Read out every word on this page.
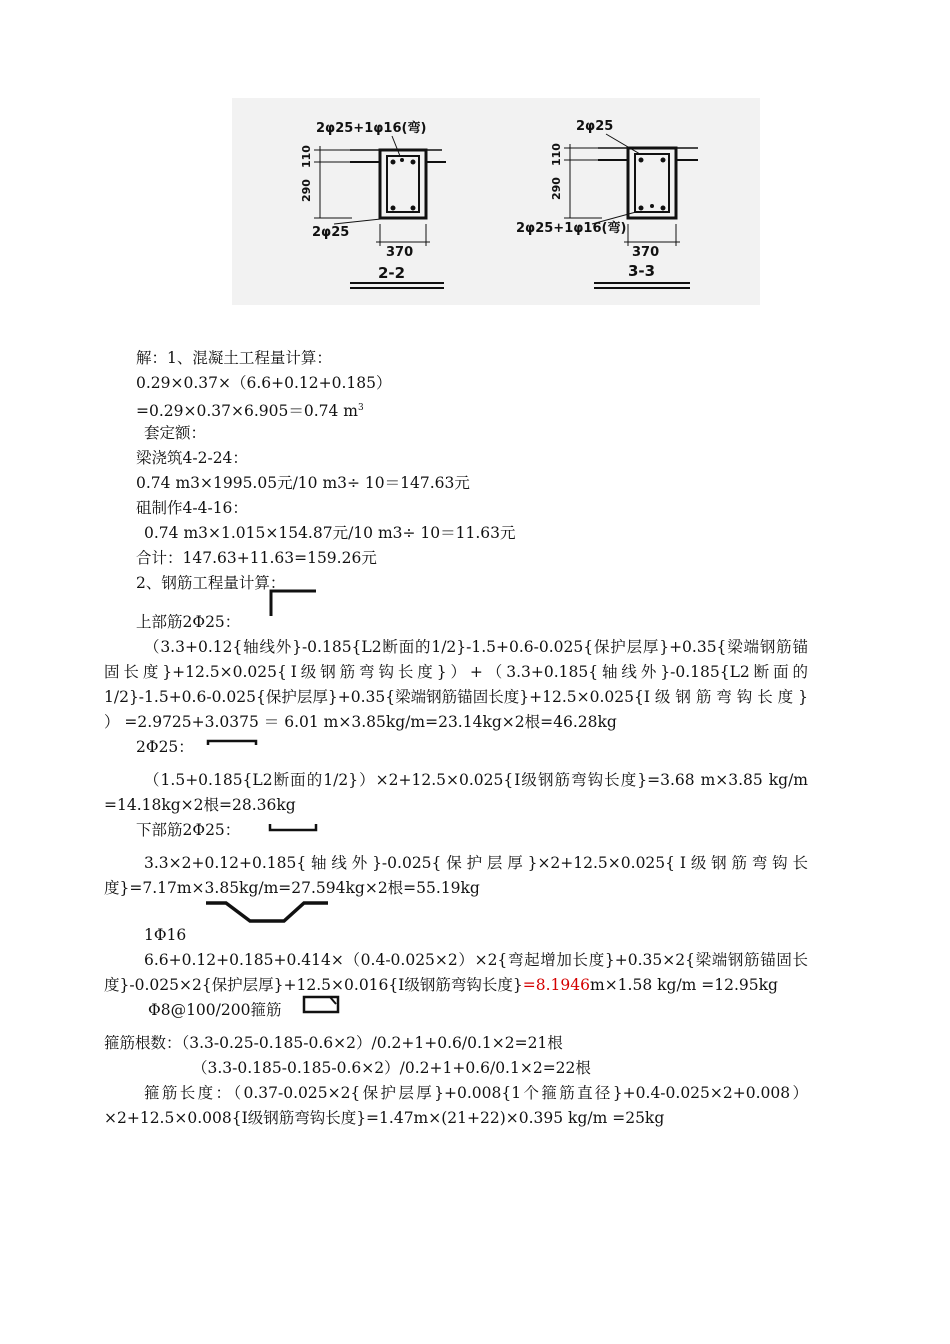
2φ25+1φ16(弯)
110
290
2φ25
370
2-2
2φ25
110
290
2φ25+1φ16(弯)
370
3-3
解：1、混凝土工程量计算：
0.29×0.37×（6.6+0.12+0.185）
=0.29×0.37×6.905＝0.74 $m^3$
套定额：
梁浇筑4-2-24：
0.74 m3×1995.05元/10 m3÷ 10＝147.63元
砠制作4-4-16：
0.74 m3×1.015×154.87元/10 m3÷ 10＝11.63元
合计：147.63+11.63=159.26元
2、钢筋工程量计算：
上部筋2Φ25：
（3.3+0.12{轴线外}-0.185{L2断面的1/2}-1.5+0.6-0.025{保护层厚}+0.35{梁端钢筋锚固长度}+12.5×0.025{Ⅰ级钢筋弯钩长度}）+（3.3+0.185{轴线外}-0.185{L2断面的1/2}-1.5+0.6-0.025{保护层厚}+0.35{梁端钢筋锚固长度}+12.5×0.025{Ⅰ 级 钢 筋 弯 钩 长 度 } ） =2.9725+3.0375 ＝ 6.01 m×3.85kg/m=23.14kg×2根=46.28kg
2Φ25：
（1.5+0.185{L2断面的1/2}）×2+12.5×0.025{Ⅰ级钢筋弯钩长度}=3.68 m×3.85 kg/m =14.18kg×2根=28.36kg
下部筋2Φ25：
3.3×2+0.12+0.185{轴线外}-0.025{保护层厚}×2+12.5×0.025{Ⅰ级钢筋弯钩长度}=7.17m×3.85kg/m=27.594kg×2根=55.19kg
1Φ16
6.6+0.12+0.185+0.414×（0.4-0.025×2）×2{弯起增加长度}+0.35×2{梁端钢筋锚固长度}-0.025×2{保护层厚}+12.5×0.016{Ⅰ级钢筋弯钩长度}=8.1946m×1.58 kg/m =12.95kg
Φ8@100/200箍筋
箍筋根数：（3.3-0.25-0.185-0.6×2）/0.2+1+0.6/0.1×2=21根
（3.3-0.185-0.185-0.6×2）/0.2+1+0.6/0.1×2=22根
箍筋长度：（0.37-0.025×2{保护层厚}+0.008{1个箍筋直径}+0.4-0.025×2+0.008）×2+12.5×0.008{Ⅰ级钢筋弯钩长度}=1.47m×(21+22)×0.395 kg/m =25kg
